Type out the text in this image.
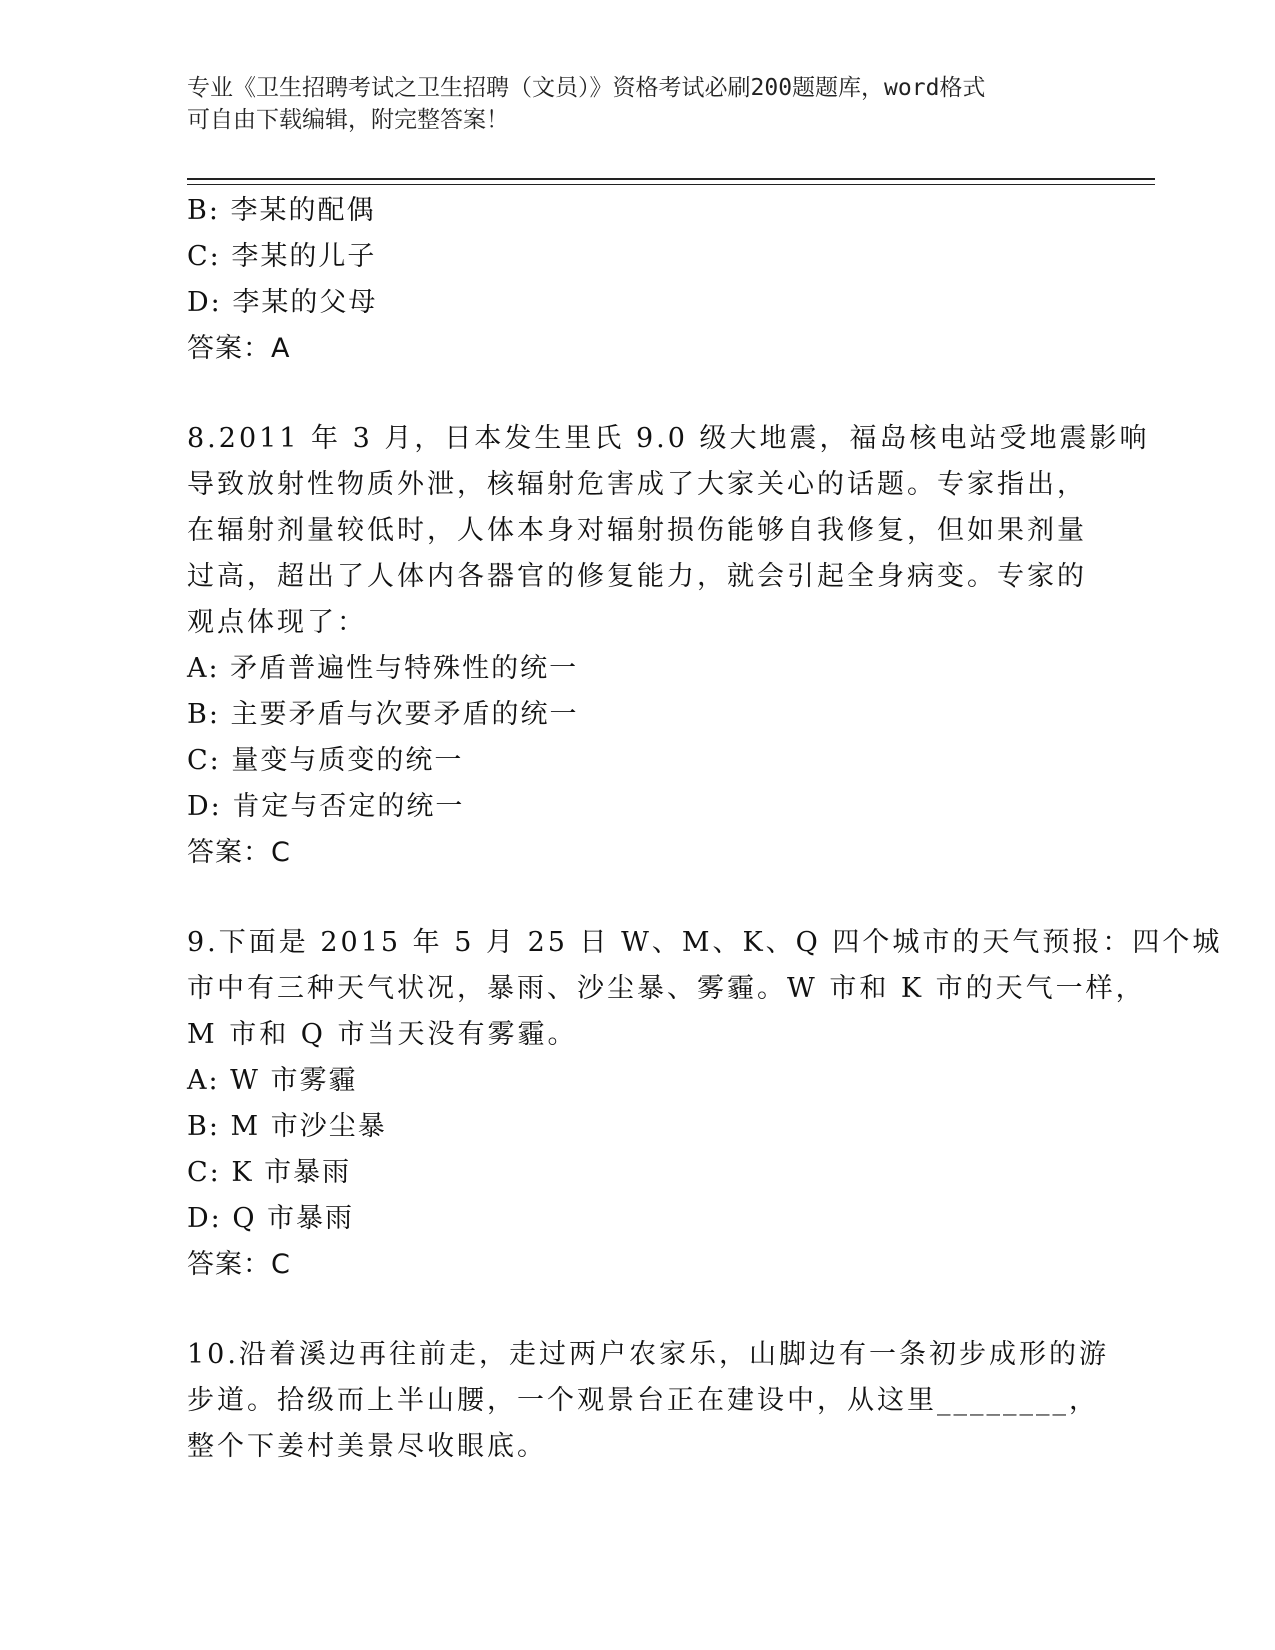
专业《卫生招聘考试之卫生招聘（文员）》资格考试必刷200题题库，word格式
可自由下载编辑，附完整答案！
B: 李某的配偶
C: 李某的儿子
D: 李某的父母
答案：A
8.2011 年 3 月，日本发生里氏 9.0 级大地震，福岛核电站受地震影响
导致放射性物质外泄，核辐射危害成了大家关心的话题。专家指出，
在辐射剂量较低时，人体本身对辐射损伤能够自我修复，但如果剂量
过高，超出了人体内各器官的修复能力，就会引起全身病变。专家的
观点体现了：
A: 矛盾普遍性与特殊性的统一
B: 主要矛盾与次要矛盾的统一
C: 量变与质变的统一
D: 肯定与否定的统一
答案：C
9.下面是 2015 年 5 月 25 日 W、M、K、Q 四个城市的天气预报：四个城
市中有三种天气状况，暴雨、沙尘暴、雾霾。W 市和 K 市的天气一样，
M 市和 Q 市当天没有雾霾。
A: W 市雾霾
B: M 市沙尘暴
C: K 市暴雨
D: Q 市暴雨
答案：C
10.沿着溪边再往前走，走过两户农家乐，山脚边有一条初步成形的游
步道。拾级而上半山腰，一个观景台正在建设中，从这里________，
整个下姜村美景尽收眼底。
